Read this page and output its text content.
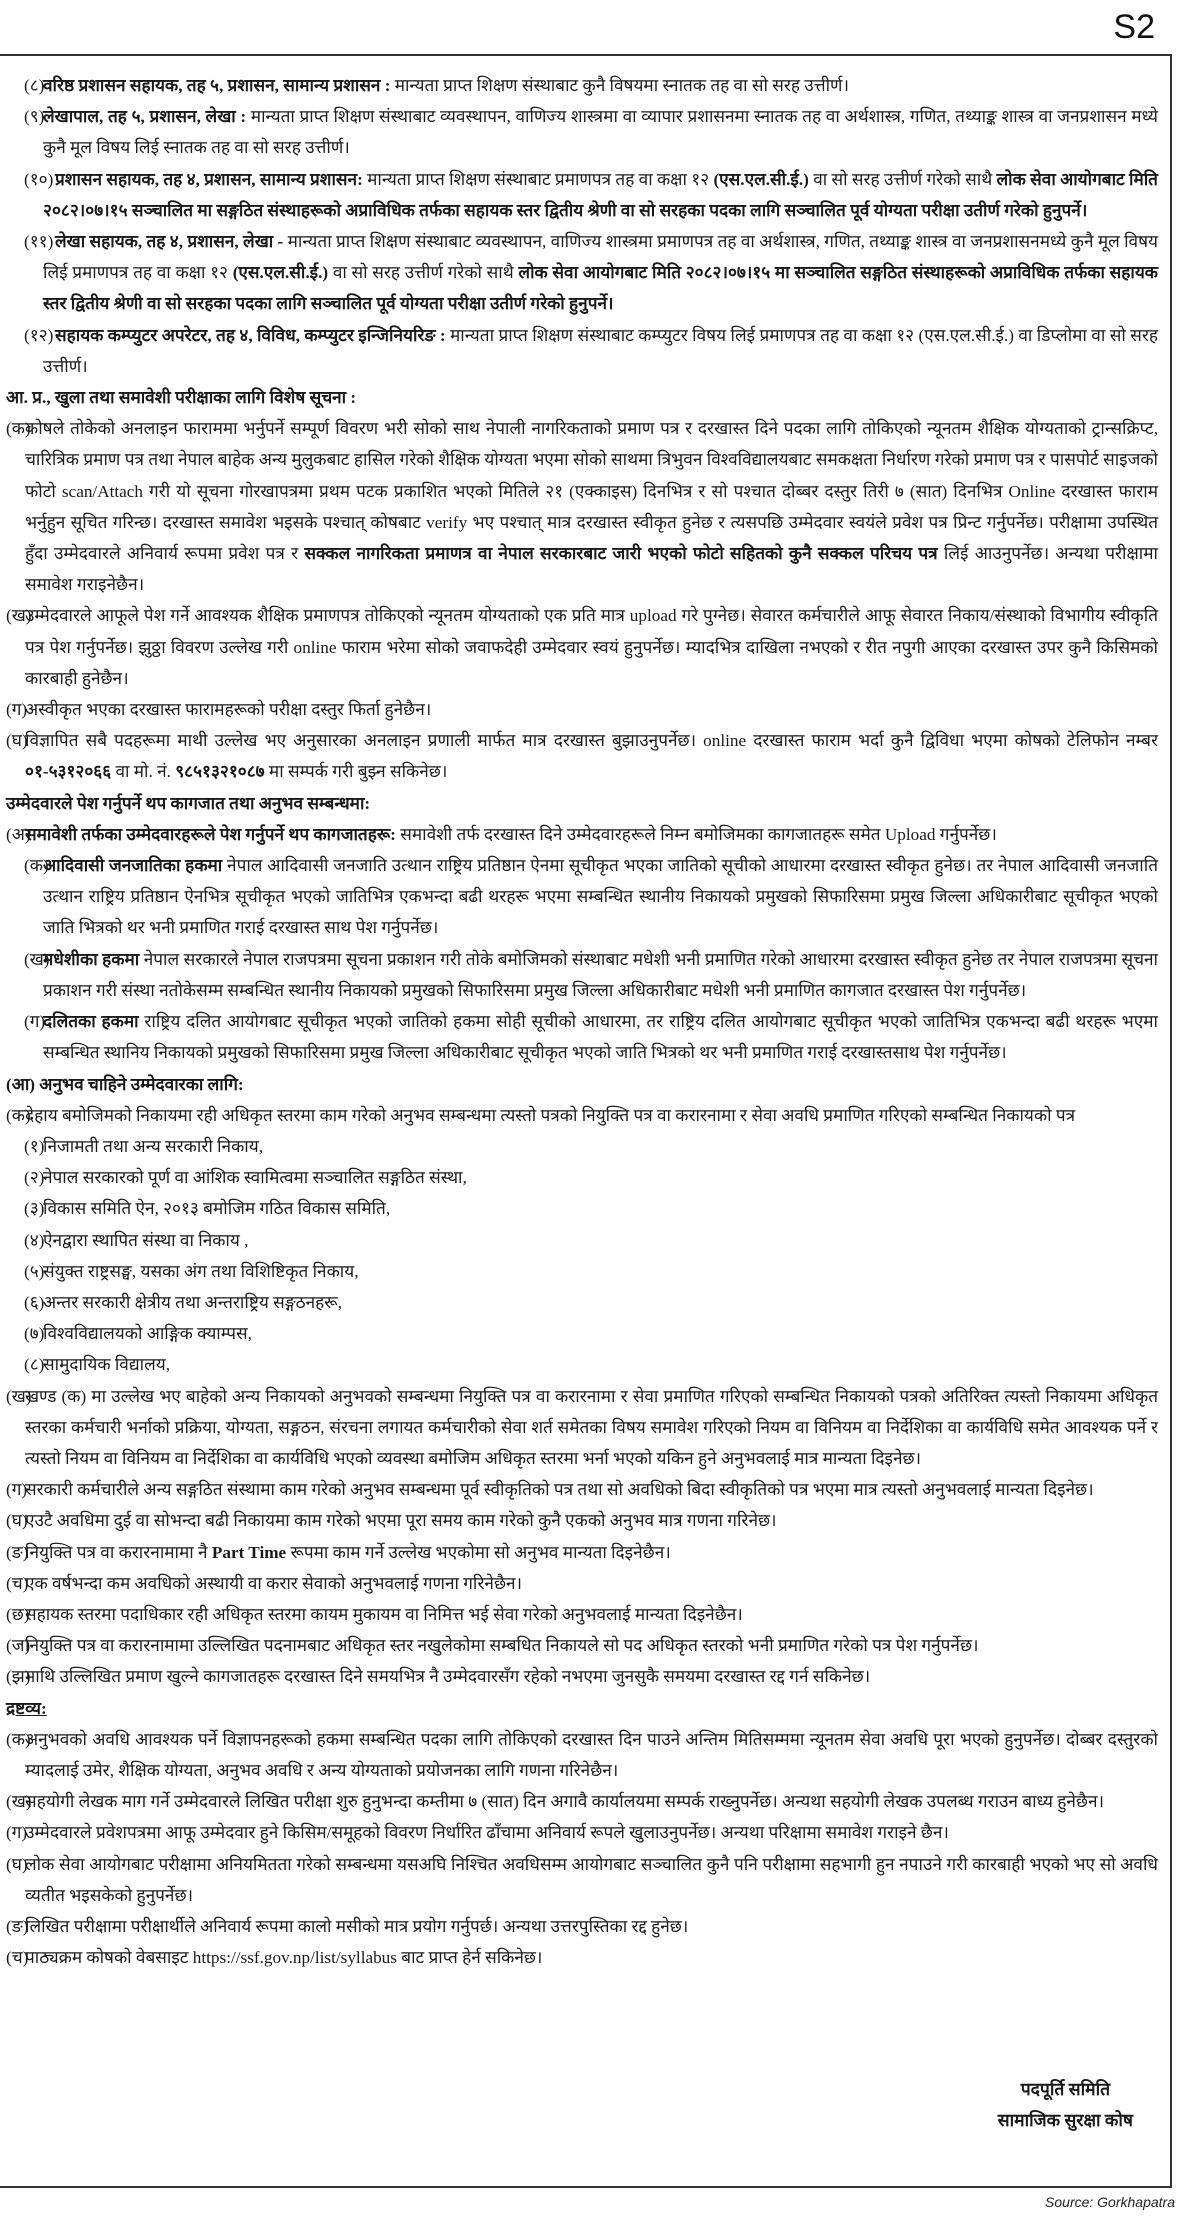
S2
(८)
वरिष्ठ प्रशासन सहायक, तह ५, प्रशासन, सामान्य प्रशासन : मान्यता प्राप्त शिक्षण संस्थाबाट कुनै विषयमा स्नातक तह वा सो सरह उत्तीर्ण।
(९)
लेखापाल, तह ५, प्रशासन, लेखा : मान्यता प्राप्त शिक्षण संस्थाबाट व्यवस्थापन, वाणिज्य शास्त्रमा वा व्यापार प्रशासनमा स्नातक तह वा अर्थशास्त्र, गणित, तथ्याङ्क शास्त्र वा जनप्रशासन मध्ये कुनै मूल विषय लिई स्नातक तह वा सो सरह उत्तीर्ण।
(१०) प्रशासन सहायक, तह ४, प्रशासन, सामान्य प्रशासन: मान्यता प्राप्त शिक्षण संस्थाबाट प्रमाणपत्र तह वा कक्षा १२ (एस.एल.सी.ई.) वा सो सरह उत्तीर्ण गरेको साथै लोक सेवा आयोगबाट मिति २०८२।०७।१५ सञ्चालित मा सङ्गठित संस्थाहरूको अप्राविधिक तर्फका सहायक स्तर द्वितीय श्रेणी वा सो सरहका पदका लागि सञ्चालित पूर्व योग्यता परीक्षा उतीर्ण गरेको हुनुपर्ने।
(११) लेखा सहायक, तह ४, प्रशासन, लेखा - मान्यता प्राप्त शिक्षण संस्थाबाट व्यवस्थापन, वाणिज्य शास्त्रमा प्रमाणपत्र तह वा अर्थशास्त्र, गणित, तथ्याङ्क शास्त्र वा जनप्रशासनमध्ये कुनै मूल विषय लिई प्रमाणपत्र तह वा कक्षा १२ (एस.एल.सी.ई.) वा सो सरह उत्तीर्ण गरेको साथै लोक सेवा आयोगबाट मिति २०८२।०७।१५ मा सञ्चालित सङ्गठित संस्थाहरूको अप्राविधिक तर्फका सहायक स्तर द्वितीय श्रेणी वा सो सरहका पदका लागि सञ्चालित पूर्व योग्यता परीक्षा उतीर्ण गरेको हुनुपर्ने।
(१२) सहायक कम्प्युटर अपरेटर, तह ४, विविध, कम्प्युटर इन्जिनियरिङ : मान्यता प्राप्त शिक्षण संस्थाबाट कम्प्युटर विषय लिई प्रमाणपत्र तह वा कक्षा १२ (एस.एल.सी.ई.) वा डिप्लोमा वा सो सरह उत्तीर्ण।
आ. प्र., खुला तथा समावेशी परीक्षाका लागि विशेष सूचना :
(क)
कोषले तोकेको अनलाइन फाराममा भर्नुपर्ने सम्पूर्ण विवरण भरी सोको साथ नेपाली नागरिकताको प्रमाण पत्र र दरखास्त दिने पदका लागि तोकिएको न्यूनतम शैक्षिक योग्यताको ट्रान्सक्रिप्ट, चारित्रिक प्रमाण पत्र तथा नेपाल बाहेक अन्य मुलुकबाट हासिल गरेको शैक्षिक योग्यता भएमा सोको साथमा त्रिभुवन विश्वविद्यालयबाट समकक्षता निर्धारण गरेको प्रमाण पत्र र पासपोर्ट साइजको फोटो scan/Attach गरी यो सूचना गोरखापत्रमा प्रथम पटक प्रकाशित भएको मितिले २१ (एक्काइस) दिनभित्र र सो पश्चात दोब्बर दस्तुर तिरी ७ (सात) दिनभित्र Online दरखास्त फाराम भर्नुहुन सूचित गरिन्छ। दरखास्त समावेश भइसके पश्चात् कोषबाट verify भए पश्चात् मात्र दरखास्त स्वीकृत हुनेछ र त्यसपछि उम्मेदवार स्वयंले प्रवेश पत्र प्रिन्ट गर्नुपर्नेछ। परीक्षामा उपस्थित हुँदा उम्मेदवारले अनिवार्य रूपमा प्रवेश पत्र र सक्कल नागरिकता प्रमाणत्र वा नेपाल सरकारबाट जारी भएको फोटो सहितको कुनै सक्कल परिचय पत्र लिई आउनुपर्नेछ। अन्यथा परीक्षामा समावेश गराइनेछैन।
(ख)
उम्मेदवारले आफूले पेश गर्ने आवश्यक शैक्षिक प्रमाणपत्र तोकिएको न्यूनतम योग्यताको एक प्रति मात्र upload गरे पुग्नेछ। सेवारत कर्मचारीले आफू सेवारत निकाय/संस्थाको विभागीय स्वीकृति पत्र पेश गर्नुपर्नेछ। झुठ्ठा विवरण उल्लेख गरी online फाराम भरेमा सोको जवाफदेही उम्मेदवार स्वयं हुनुपर्नेछ। म्यादभित्र दाखिला नभएको र रीत नपुगी आएका दरखास्त उपर कुनै किसिमको कारबाही हुनेछैन।
(ग)
अस्वीकृत भएका दरखास्त फारामहरूको परीक्षा दस्तुर फिर्ता हुनेछैन।
(घ)
विज्ञापित सबै पदहरूमा माथी उल्लेख भए अनुसारका अनलाइन प्रणाली मार्फत मात्र दरखास्त बुझाउनुपर्नेछ। online दरखास्त फाराम भर्दा कुनै द्विविधा भएमा कोषको टेलिफोन नम्बर ०१-५३१२०६६ वा मो. नं. ९८५१३२१०८७ मा सम्पर्क गरी बुझ्न सकिनेछ।
उम्मेदवारले पेश गर्नुपर्ने थप कागजात तथा अनुभव सम्बन्धमा:
(अ)
समावेशी तर्फका उम्मेदवारहरूले पेश गर्नुपर्ने थप कागजातहरू: समावेशी तर्फ दरखास्त दिने उम्मेदवारहरूले निम्न बमोजिमका कागजातहरू समेत Upload गर्नुपर्नेछ।
(क)
आदिवासी जनजातिका हकमा नेपाल आदिवासी जनजाति उत्थान राष्ट्रिय प्रतिष्ठान ऐनमा सूचीकृत भएका जातिको सूचीको आधारमा दरखास्त स्वीकृत हुनेछ। तर नेपाल आदिवासी जनजाति उत्थान राष्ट्रिय प्रतिष्ठान ऐनभित्र सूचीकृत भएको जातिभित्र एकभन्दा बढी थरहरू भएमा सम्बन्धित स्थानीय निकायको प्रमुखको सिफारिसमा प्रमुख जिल्ला अधिकारीबाट सूचीकृत भएको जाति भित्रको थर भनी प्रमाणित गराई दरखास्त साथ पेश गर्नुपर्नेछ।
(ख)
मधेशीका हकमा नेपाल सरकारले नेपाल राजपत्रमा सूचना प्रकाशन गरी तोके बमोजिमको संस्थाबाट मधेशी भनी प्रमाणित गरेको आधारमा दरखास्त स्वीकृत हुनेछ तर नेपाल राजपत्रमा सूचना प्रकाशन गरी संस्था नतोकेसम्म सम्बन्धित स्थानीय निकायको प्रमुखको सिफारिसमा प्रमुख जिल्ला अधिकारीबाट मधेशी भनी प्रमाणित कागजात दरखास्त पेश गर्नुपर्नेछ।
(ग)
दलितका हकमा राष्ट्रिय दलित आयोगबाट सूचीकृत भएको जातिको हकमा सोही सूचीको आधारमा, तर राष्ट्रिय दलित आयोगबाट सूचीकृत भएको जातिभित्र एकभन्दा बढी थरहरू भएमा सम्बन्धित स्थानिय निकायको प्रमुखको सिफारिसमा प्रमुख जिल्ला अधिकारीबाट सूचीकृत भएको जाति भित्रको थर भनी प्रमाणित गराई दरखास्तसाथ पेश गर्नुपर्नेछ।
(आ) अनुभव चाहिने उम्मेदवारका लागि:
(क)
देहाय बमोजिमको निकायमा रही अधिकृत स्तरमा काम गरेको अनुभव सम्बन्धमा त्यस्तो पत्रको नियुक्ति पत्र वा करारनामा र सेवा अवधि प्रमाणित गरिएको सम्बन्धित निकायको पत्र
(१)
निजामती तथा अन्य सरकारी निकाय,
(२)
नेपाल सरकारको पूर्ण वा आंशिक स्वामित्वमा सञ्चालित सङ्गठित संस्था,
(३)
विकास समिति ऐन, २०१३ बमोजिम गठित विकास समिति,
(४)
ऐनद्वारा स्थापित संस्था वा निकाय ,
(५)
संयुक्त राष्ट्रसङ्घ, यसका अंग तथा विशिष्टिकृत निकाय,
(६)
अन्तर सरकारी क्षेत्रीय तथा अन्तराष्ट्रिय सङ्गठनहरू,
(७)
विश्वविद्यालयको आङ्गिक क्याम्पस,
(८)
सामुदायिक विद्यालय,
(ख)
खण्ड (क) मा उल्लेख भए बाहेको अन्य निकायको अनुभवको सम्बन्धमा नियुक्ति पत्र वा करारनामा र सेवा प्रमाणित गरिएको सम्बन्धित निकायको पत्रको अतिरिक्त त्यस्तो निकायमा अधिकृत स्तरका कर्मचारी भर्नाको प्रक्रिया, योग्यता, सङ्गठन, संरचना लगायत कर्मचारीको सेवा शर्त समेतका विषय समावेश गरिएको नियम वा विनियम वा निर्देशिका वा कार्यविधि समेत आवश्यक पर्ने र त्यस्तो नियम वा विनियम वा निर्देशिका वा कार्यविधि भएको व्यवस्था बमोजिम अधिकृत स्तरमा भर्ना भएको यकिन हुने अनुभवलाई मात्र मान्यता दिइनेछ।
(ग)
सरकारी कर्मचारीले अन्य सङ्गठित संस्थामा काम गरेको अनुभव सम्बन्धमा पूर्व स्वीकृतिको पत्र तथा सो अवधिको बिदा स्वीकृतिको पत्र भएमा मात्र त्यस्तो अनुभवलाई मान्यता दिइनेछ।
(घ)
एउटै अवधिमा दुई वा सोभन्दा बढी निकायमा काम गरेको भएमा पूरा समय काम गरेको कुनै एकको अनुभव मात्र गणना गरिनेछ।
(ङ)
नियुक्ति पत्र वा करारनामामा नै Part Time रूपमा काम गर्ने उल्लेख भएकोमा सो अनुभव मान्यता दिइनेछैन।
(च)
एक वर्षभन्दा कम अवधिको अस्थायी वा करार सेवाको अनुभवलाई गणना गरिनेछैन।
(छ)
सहायक स्तरमा पदाधिकार रही अधिकृत स्तरमा कायम मुकायम वा निमित्त भई सेवा गरेको अनुभवलाई मान्यता दिइनेछैन।
(ज)
नियुक्ति पत्र वा करारनामामा उल्लिखित पदनामबाट अधिकृत स्तर नखुलेकोमा सम्बधित निकायले सो पद अधिकृत स्तरको भनी प्रमाणित गरेको पत्र पेश गर्नुपर्नेछ।
(झ)
माथि उल्लिखित प्रमाण खुल्ने कागजातहरू दरखास्त दिने समयभित्र नै उम्मेदवारसँग रहेको नभएमा जुनसुकै समयमा दरखास्त रद्द गर्न सकिनेछ।
द्रष्टव्य:
(क)
अनुभवको अवधि आवश्यक पर्ने विज्ञापनहरूको हकमा सम्बन्धित पदका लागि तोकिएको दरखास्त दिन पाउने अन्तिम मितिसम्ममा न्यूनतम सेवा अवधि पूरा भएको हुनुपर्नेछ। दोब्बर दस्तुरको म्यादलाई उमेर, शैक्षिक योग्यता, अनुभव अवधि र अन्य योग्यताको प्रयोजनका लागि गणना गरिनेछैन।
(ख)
सहयोगी लेखक माग गर्ने उम्मेदवारले लिखित परीक्षा शुरु हुनुभन्दा कम्तीमा ७ (सात) दिन अगावै कार्यालयमा सम्पर्क राख्नुपर्नेछ। अन्यथा सहयोगी लेखक उपलब्ध गराउन बाध्य हुनेछैन।
(ग)
उम्मेदवारले प्रवेशपत्रमा आफू उम्मेदवार हुने किसिम/समूहको विवरण निर्धारित ढाँचामा अनिवार्य रूपले खुलाउनुपर्नेछ। अन्यथा परिक्षामा समावेश गराइने छैन।
(घ)
लोक सेवा आयोगबाट परीक्षामा अनियमितता गरेको सम्बन्धमा यसअघि निश्चित अवधिसम्म आयोगबाट सञ्चालित कुनै पनि परीक्षामा सहभागी हुन नपाउने गरी कारबाही भएको भए सो अवधि व्यतीत भइसकेको हुनुपर्नेछ।
(ङ)
लिखित परीक्षामा परीक्षार्थीले अनिवार्य रूपमा कालो मसीको मात्र प्रयोग गर्नुपर्छ। अन्यथा उत्तरपुस्तिका रद्द हुनेछ।
(च)
पाठ्यक्रम कोषको वेबसाइट https://ssf.gov.np/list/syllabus बाट प्राप्त हेर्न सकिनेछ।
पदपूर्ति समिति
सामाजिक सुरक्षा कोष
Source: Gorkhapatra
